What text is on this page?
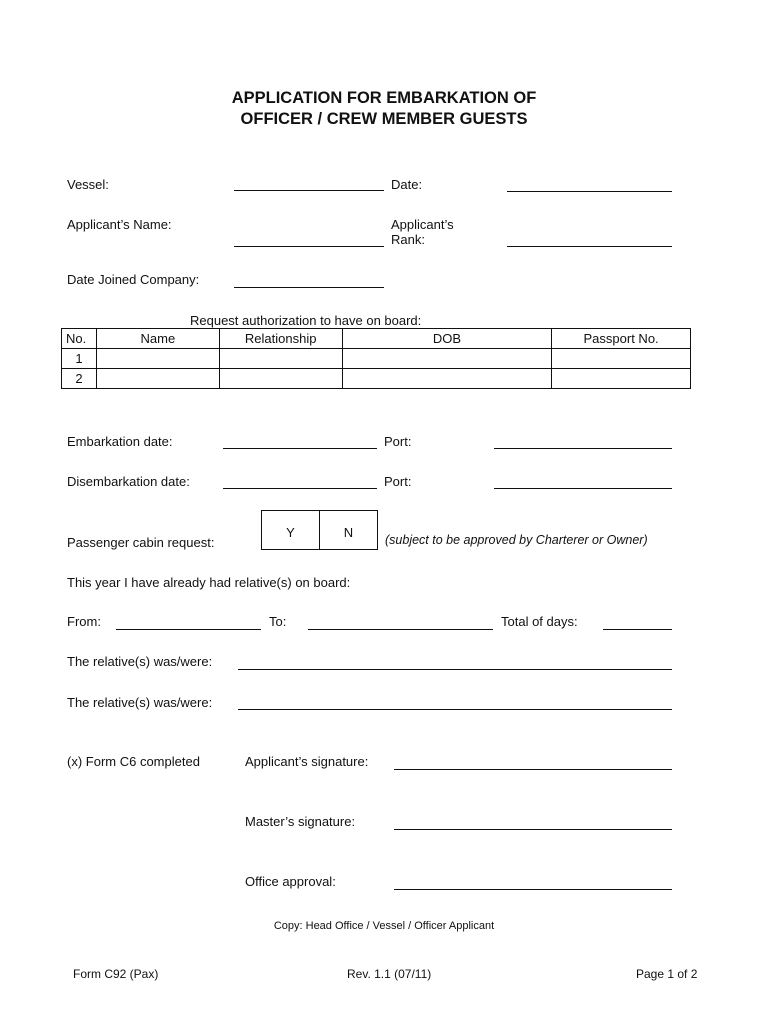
APPLICATION FOR EMBARKATION OF
OFFICER / CREW MEMBER GUESTS
Vessel:	Date:
Applicant’s Name:	Applicant’s
Rank:
Date Joined Company:
Request authorization to have on board:
No.	Name	Relationship	DOB	Passport No.
1				
2				
Embarkation date:	Port:
Disembarkation date:	Port:
Passenger cabin request:
Y	N	(subject to be approved by Charterer or Owner)
This year I have already had relative(s) on board:
From:	To:	Total of days:
The relative(s) was/were:
The relative(s) was/were:
(x) Form C6 completed	Applicant’s signature:
Master’s signature:
Office approval:
Copy: Head Office / Vessel / Officer Applicant
Form C92 (Pax)	Rev. 1.1 (07/11)	Page 1 of 2
